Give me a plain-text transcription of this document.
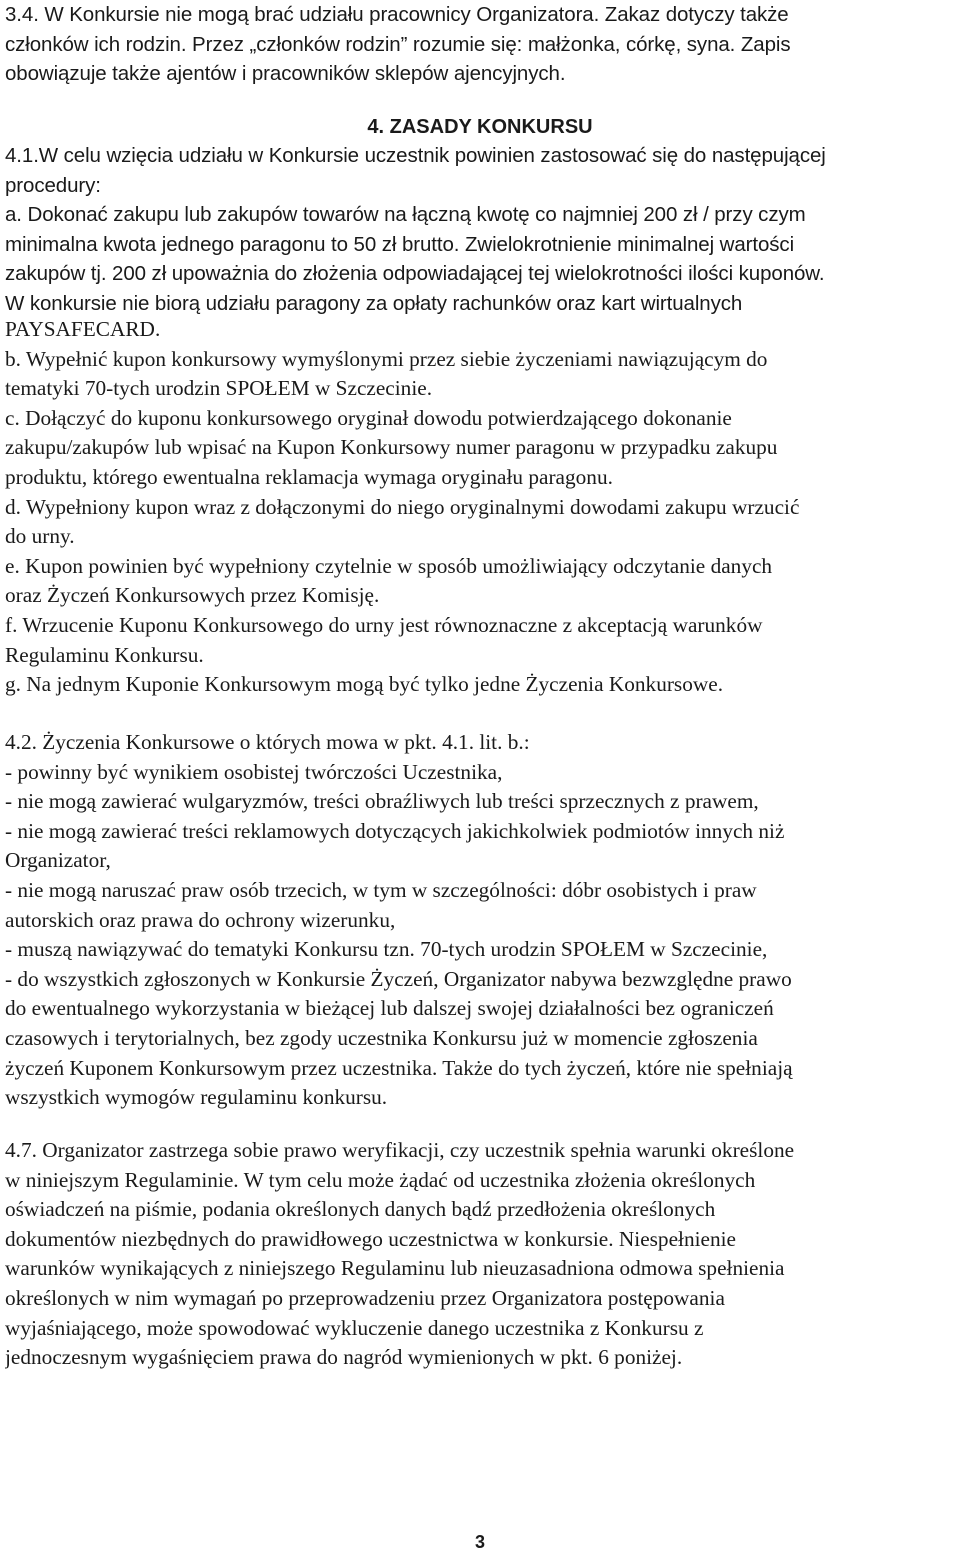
3.4. W Konkursie nie mogą brać udziału pracownicy Organizatora. Zakaz dotyczy także
członków ich rodzin. Przez „członków rodzin” rozumie się: małżonka, córkę, syna. Zapis
obowiązuje także ajentów i pracowników sklepów ajencyjnych.
4. ZASADY KONKURSU
4.1.W celu wzięcia udziału w Konkursie uczestnik powinien zastosować się do następującej
procedury:
a. Dokonać zakupu lub zakupów towarów na łączną kwotę co najmniej 200 zł / przy czym
minimalna kwota jednego paragonu to 50 zł brutto. Zwielokrotnienie minimalnej wartości
zakupów tj. 200 zł upoważnia do złożenia odpowiadającej tej wielokrotności ilości kuponów.
W konkursie nie biorą udziału paragony za opłaty rachunków oraz kart wirtualnych
PAYSAFECARD.
b. Wypełnić kupon konkursowy wymyślonymi przez siebie życzeniami nawiązującym do
tematyki 70-tych urodzin SPOŁEM w Szczecinie.
c. Dołączyć do kuponu konkursowego oryginał dowodu potwierdzającego dokonanie
zakupu/zakupów lub wpisać na Kupon Konkursowy numer paragonu w przypadku zakupu
produktu, którego ewentualna reklamacja wymaga oryginału paragonu.
d. Wypełniony kupon wraz z dołączonymi do niego oryginalnymi dowodami zakupu wrzucić
do urny.
e. Kupon powinien być wypełniony czytelnie w sposób umożliwiający odczytanie danych
oraz Życzeń Konkursowych przez Komisję.
f. Wrzucenie Kuponu Konkursowego do urny jest równoznaczne z akceptacją warunków
Regulaminu Konkursu.
g. Na jednym Kuponie Konkursowym mogą być tylko jedne Życzenia Konkursowe.
4.2. Życzenia Konkursowe o których mowa w pkt. 4.1. lit. b.:
- powinny być wynikiem osobistej twórczości Uczestnika,
- nie mogą zawierać wulgaryzmów, treści obraźliwych lub treści sprzecznych z prawem,
- nie mogą zawierać treści reklamowych dotyczących jakichkolwiek podmiotów innych niż
Organizator,
- nie mogą naruszać praw osób trzecich, w tym w szczególności: dóbr osobistych i praw
autorskich oraz prawa do ochrony wizerunku,
- muszą nawiązywać do tematyki Konkursu tzn. 70-tych urodzin SPOŁEM w Szczecinie,
- do wszystkich zgłoszonych w Konkursie Życzeń, Organizator nabywa bezwzględne prawo
do ewentualnego wykorzystania w bieżącej lub dalszej swojej działalności bez ograniczeń
czasowych i terytorialnych, bez zgody uczestnika Konkursu już w momencie zgłoszenia
życzeń Kuponem Konkursowym przez uczestnika. Także do tych życzeń, które nie spełniają
wszystkich wymogów regulaminu konkursu.
4.7. Organizator zastrzega sobie prawo weryfikacji, czy uczestnik spełnia warunki określone
w niniejszym Regulaminie. W tym celu może żądać od uczestnika złożenia określonych
oświadczeń na piśmie, podania określonych danych bądź przedłożenia określonych
dokumentów niezbędnych do prawidłowego uczestnictwa w konkursie. Niespełnienie
warunków wynikających z niniejszego Regulaminu lub nieuzasadniona odmowa spełnienia
określonych w nim wymagań po przeprowadzeniu przez Organizatora postępowania
wyjaśniającego, może spowodować wykluczenie danego uczestnika z Konkursu z
jednoczesnym wygaśnięciem prawa do nagród wymienionych w pkt. 6 poniżej.
3
